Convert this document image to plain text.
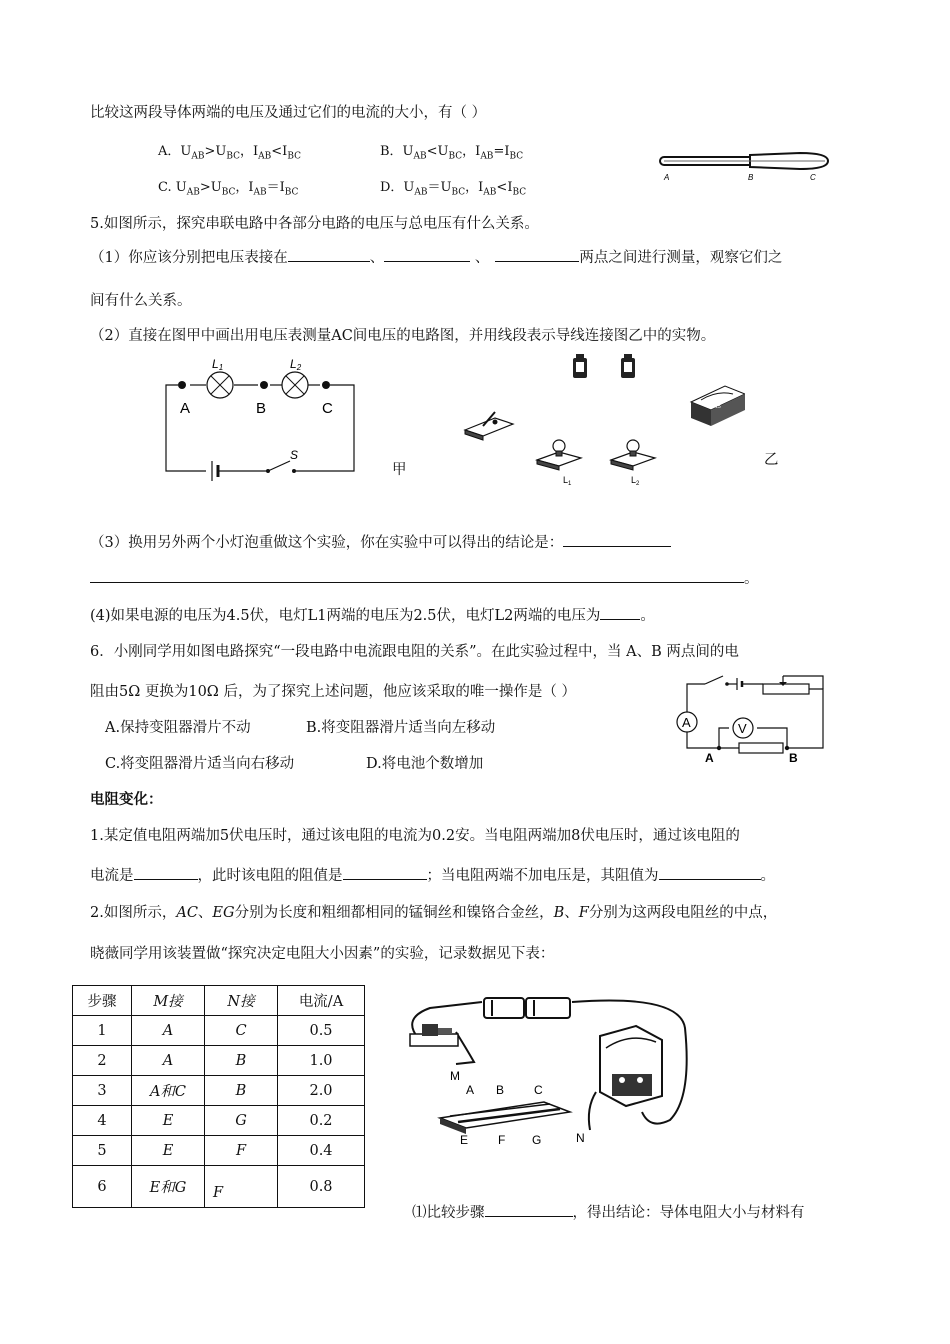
比较这两段导体两端的电压及通过它们的电流的大小，有（ ）
A．$U_{AB}>U_{BC}$，$I_{AB}<I_{BC}$	B．$U_{AB}<U_{BC}$，$I_{AB}=I_{BC}$
C. $U_{AB}>U_{BC}$，$I_{AB}=I_{BC}$	D．$U_{AB}=U_{BC}$，$I_{AB}<I_{BC}$
A	B	C
5.如图所示，探究串联电路中各部分电路的电压与总电压有什么关系。
（1）你应该分别把电压表接在	、	、	两点之间进行测量，观察它们之
间有什么关系。
（2）直接在图甲中画出用电压表测量AC间电压的电路图，并用线段表示导线连接图乙中的实物。
L1	L2
A	B	C
S
甲
3 15
$L_1$	$L_2$
乙
（3）换用另外两个小灯泡重做这个实验，你在实验中可以得出的结论是：
。
(4)如果电源的电压为4.5伏，电灯L1两端的电压为2.5伏，电灯L2两端的电压为	。
6．小刚同学用如图电路探究“一段电路中电流跟电阻的关系”。在此实验过程中，当 A、B 两点间的电
阻由5Ω 更换为10Ω 后，为了探究上述问题，他应该采取的唯一操作是（ ）
A.保持变阻器滑片不动	B.将变阻器滑片适当向左移动
C.将变阻器滑片适当向右移动	D.将电池个数增加
A	V
A	B
电阻变化：
1.某定值电阻两端加5伏电压时，通过该电阻的电流为0.2安。当电阻两端加8伏电压时，通过该电阻的
电流是	，此时该电阻的阻值是	；当电阻两端不加电压是，其阻值为	。
2.如图所示，AC、EG分别为长度和粗细都相同的锰铜丝和镍铬合金丝，B、F分别为这两段电阻丝的中点，
晓薇同学用该装置做“探究决定电阻大小因素”的实验，记录数据见下表：
步骤	M接	N接	电流/A
1	A	C	0.5
2	A	B	1.0
3	A和C	B	2.0
4	E	G	0.2
5	E	F	0.4
6	E和G	F	0.8
M
A B C
E F G	N
⑴比较步骤	，得出结论：导体电阻大小与材料有
